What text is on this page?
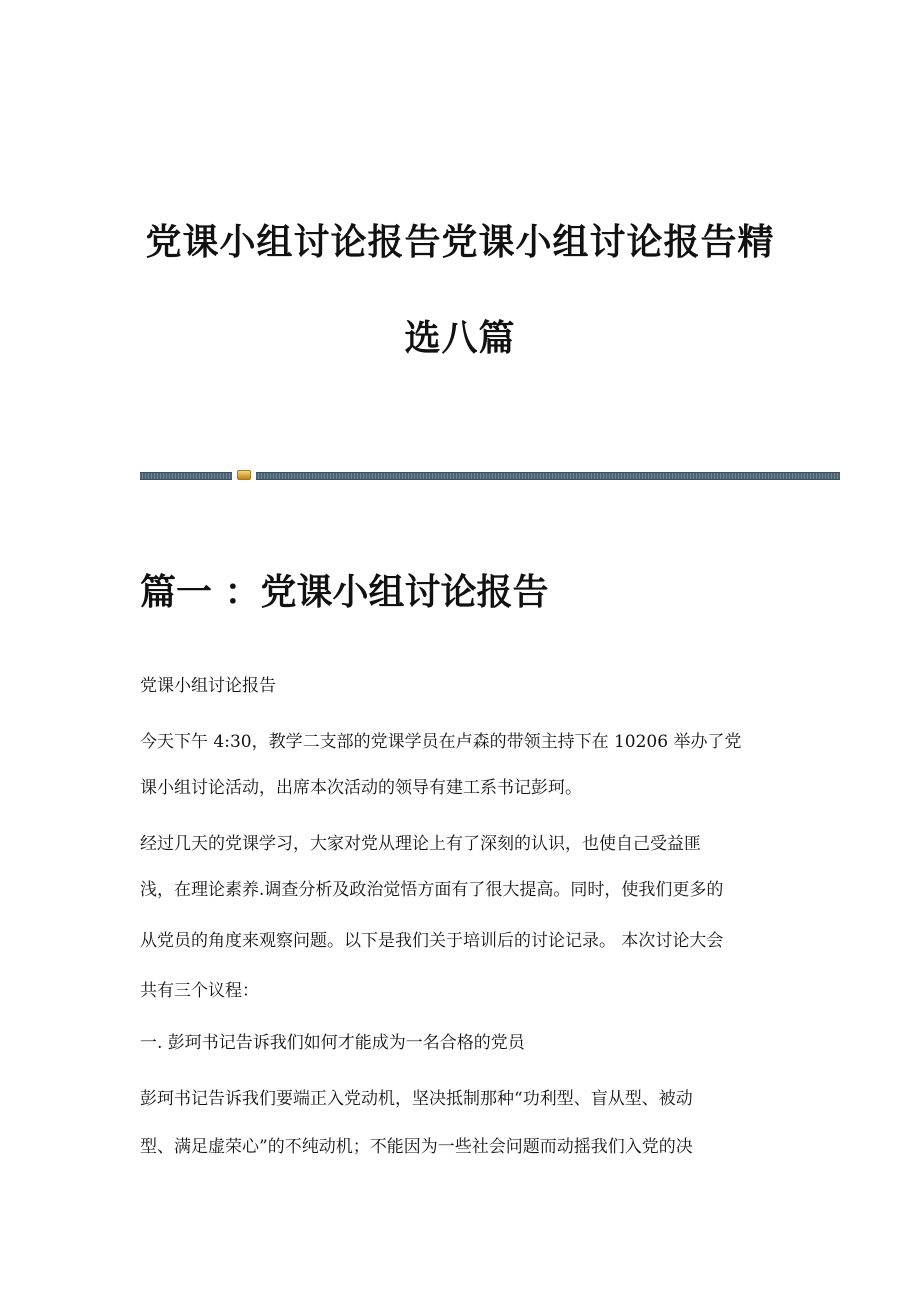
党课小组讨论报告党课小组讨论报告精
选八篇
篇一 ：党课小组讨论报告

党课小组讨论报告

今天下午 4:30，教学二支部的党课学员在卢森的带领主持下在 10206 举办了党

课小组讨论活动，出席本次活动的领导有建工系书记彭珂。

经过几天的党课学习，大家对党从理论上有了深刻的认识，也使自己受益匪

浅，在理论素养.调查分析及政治觉悟方面有了很大提高。同时，使我们更多的

从党员的角度来观察问题。以下是我们关于培训后的讨论记录。 本次讨论大会

共有三个议程：

一. 彭珂书记告诉我们如何才能成为一名合格的党员

彭珂书记告诉我们要端正入党动机，坚决抵制那种“功利型、盲从型、被动

型、满足虚荣心”的不纯动机；不能因为一些社会问题而动摇我们入党的决
